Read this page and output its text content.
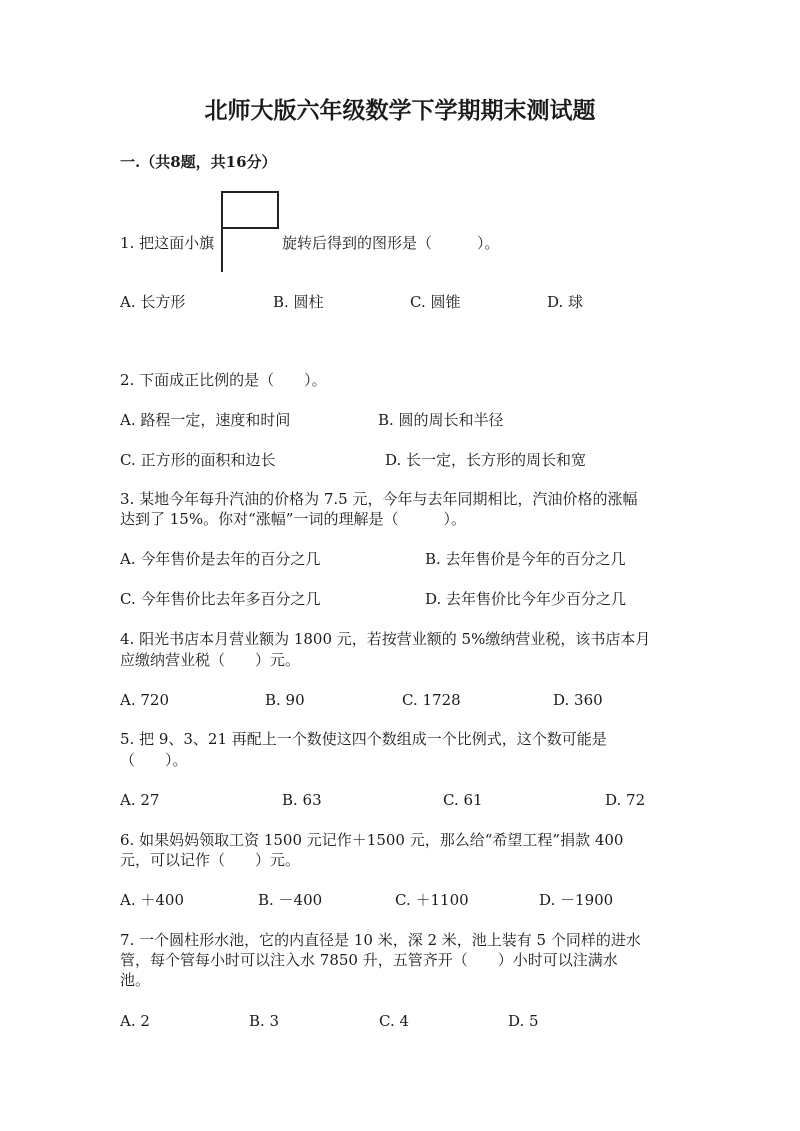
北师大版六年级数学下学期期末测试题
一.（共8题，共16分）
1. 把这面小旗	旋转后得到的图形是（　　　）。
A. 长方形	B. 圆柱	C. 圆锥	D. 球
2. 下面成正比例的是（　　）。
A. 路程一定，速度和时间	B. 圆的周长和半径
C. 正方形的面积和边长	D. 长一定，长方形的周长和宽
3. 某地今年每升汽油的价格为 7.5 元，今年与去年同期相比，汽油价格的涨幅
达到了 15%。你对“涨幅”一词的理解是（　　　）。
A. 今年售价是去年的百分之几	B. 去年售价是今年的百分之几
C. 今年售价比去年多百分之几	D. 去年售价比今年少百分之几
4. 阳光书店本月营业额为 1800 元，若按营业额的 5%缴纳营业税，该书店本月
应缴纳营业税（　　）元。
A. 720	B. 90	C. 1728	D. 360
5. 把 9、3、21 再配上一个数使这四个数组成一个比例式，这个数可能是
（　　）。
A. 27	B. 63	C. 61	D. 72
6. 如果妈妈领取工资 1500 元记作＋1500 元，那么给“希望工程”捐款 400
元，可以记作（　　）元。
A. ＋400	B. －400	C. ＋1100	D. －1900
7. 一个圆柱形水池，它的内直径是 10 米，深 2 米，池上装有 5 个同样的进水
管，每个管每小时可以注入水 7850 升，五管齐开（　　）小时可以注满水
池。
A. 2	B. 3	C. 4	D. 5
